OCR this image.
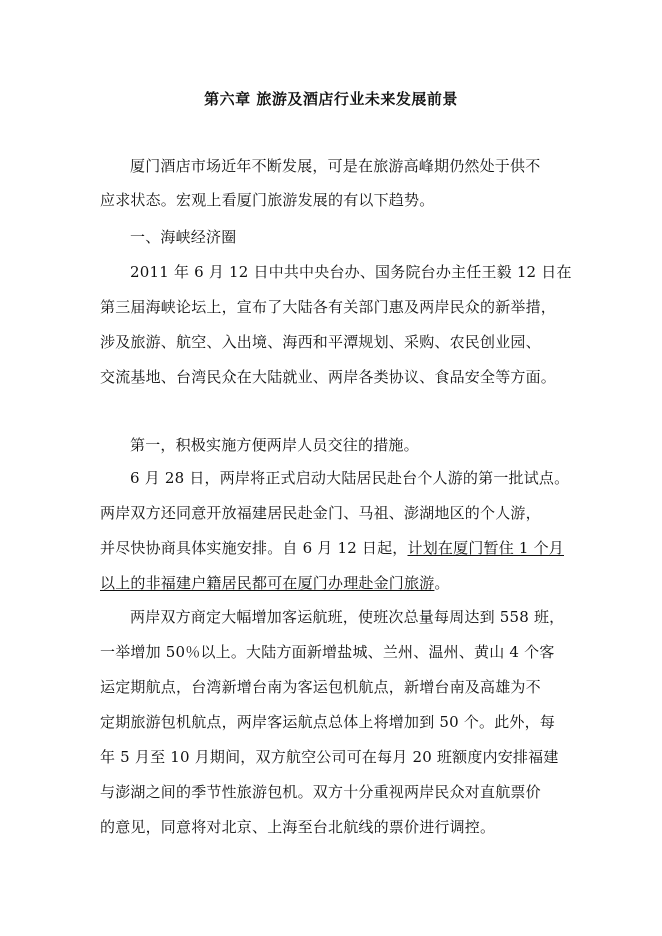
第六章 旅游及酒店行业未来发展前景
厦门酒店市场近年不断发展，可是在旅游高峰期仍然处于供不
应求状态。宏观上看厦门旅游发展的有以下趋势。
一、海峡经济圈
2011 年 6 月 12 日中共中央台办、国务院台办主任王毅 12 日在
第三届海峡论坛上，宣布了大陆各有关部门惠及两岸民众的新举措，
涉及旅游、航空、入出境、海西和平潭规划、采购、农民创业园、
交流基地、台湾民众在大陆就业、两岸各类协议、食品安全等方面。
第一，积极实施方便两岸人员交往的措施。
6 月 28 日，两岸将正式启动大陆居民赴台个人游的第一批试点。
两岸双方还同意开放福建居民赴金门、马祖、澎湖地区的个人游，
并尽快协商具体实施安排。自 6 月 12 日起，计划在厦门暂住 1 个月
以上的非福建户籍居民都可在厦门办理赴金门旅游。
两岸双方商定大幅增加客运航班，使班次总量每周达到 558 班，
一举增加 50％以上。大陆方面新增盐城、兰州、温州、黄山 4 个客
运定期航点，台湾新增台南为客运包机航点，新增台南及高雄为不
定期旅游包机航点，两岸客运航点总体上将增加到 50 个。此外，每
年 5 月至 10 月期间，双方航空公司可在每月 20 班额度内安排福建
与澎湖之间的季节性旅游包机。双方十分重视两岸民众对直航票价
的意见，同意将对北京、上海至台北航线的票价进行调控。
